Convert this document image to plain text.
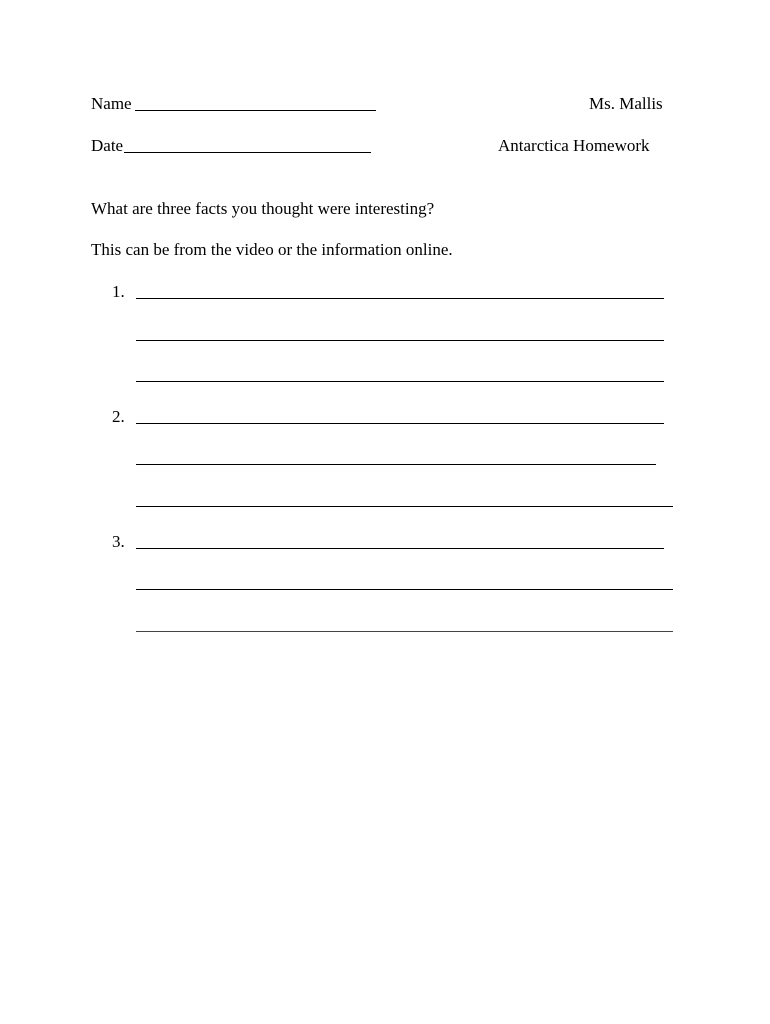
Name	Ms. Mallis
Date	Antarctica Homework
What are three facts you thought were interesting?
This can be from the video or the information online.
1.
2.
3.
